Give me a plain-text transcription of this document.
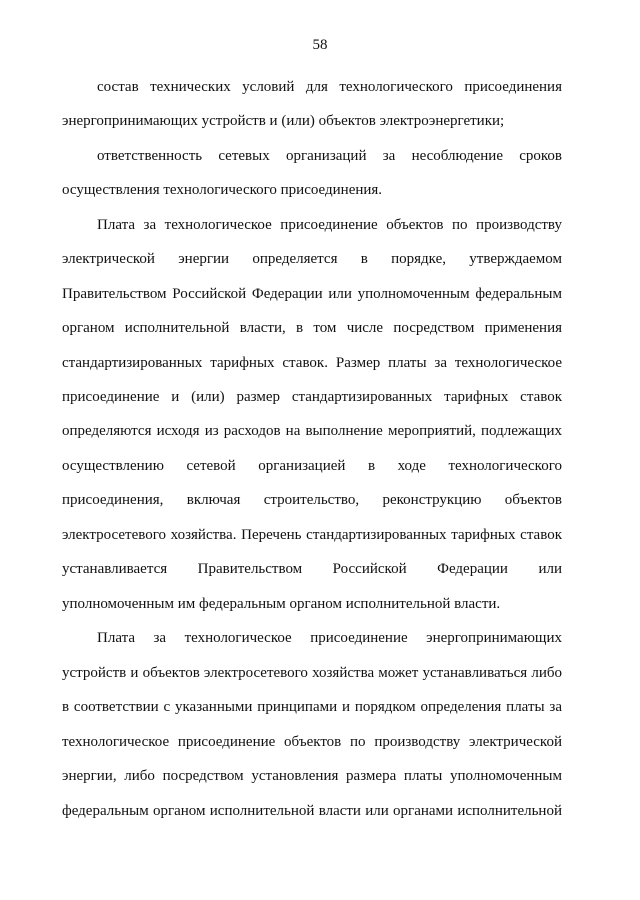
58
состав технических условий для технологического присоединения
энергопринимающих устройств и (или) объектов электроэнергетики;
ответственность сетевых организаций за несоблюдение сроков
осуществления технологического присоединения.
Плата за технологическое присоединение объектов по производству
электрической энергии определяется в порядке, утверждаемом
Правительством Российской Федерации или уполномоченным федеральным
органом исполнительной власти, в том числе посредством применения
стандартизированных тарифных ставок. Размер платы за технологическое
присоединение и (или) размер стандартизированных тарифных ставок
определяются исходя из расходов на выполнение мероприятий, подлежащих
осуществлению сетевой организацией в ходе технологического
присоединения, включая строительство, реконструкцию объектов
электросетевого хозяйства. Перечень стандартизированных тарифных ставок
устанавливается Правительством Российской Федерации или
уполномоченным им федеральным органом исполнительной власти.
Плата за технологическое присоединение энергопринимающих
устройств и объектов электросетевого хозяйства может устанавливаться либо
в соответствии с указанными принципами и порядком определения платы за
технологическое присоединение объектов по производству электрической
энергии, либо посредством установления размера платы уполномоченным
федеральным органом исполнительной власти или органами исполнительной
